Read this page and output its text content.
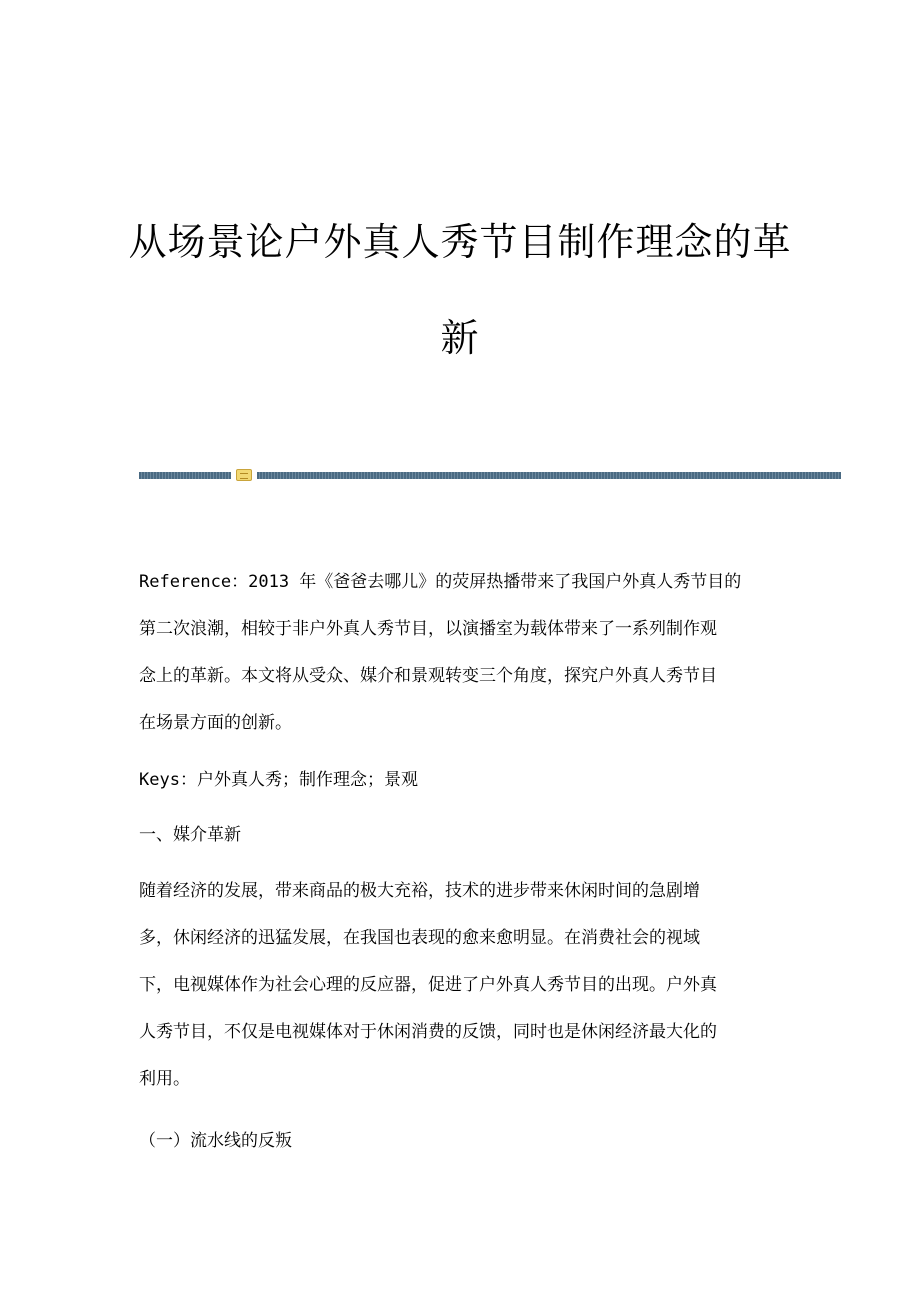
从场景论户外真人秀节目制作理念的革
新
Reference：2013 年《爸爸去哪儿》的荧屏热播带来了我国户外真人秀节目的
第二次浪潮，相较于非户外真人秀节目，以演播室为载体带来了一系列制作观
念上的革新。本文将从受众、媒介和景观转变三个角度，探究户外真人秀节目
在场景方面的创新。
Keys：户外真人秀；制作理念；景观
一、媒介革新
随着经济的发展，带来商品的极大充裕，技术的进步带来休闲时间的急剧增
多，休闲经济的迅猛发展，在我国也表现的愈来愈明显。在消费社会的视域
下，电视媒体作为社会心理的反应器，促进了户外真人秀节目的出现。户外真
人秀节目，不仅是电视媒体对于休闲消费的反馈，同时也是休闲经济最大化的
利用。
（一）流水线的反叛
